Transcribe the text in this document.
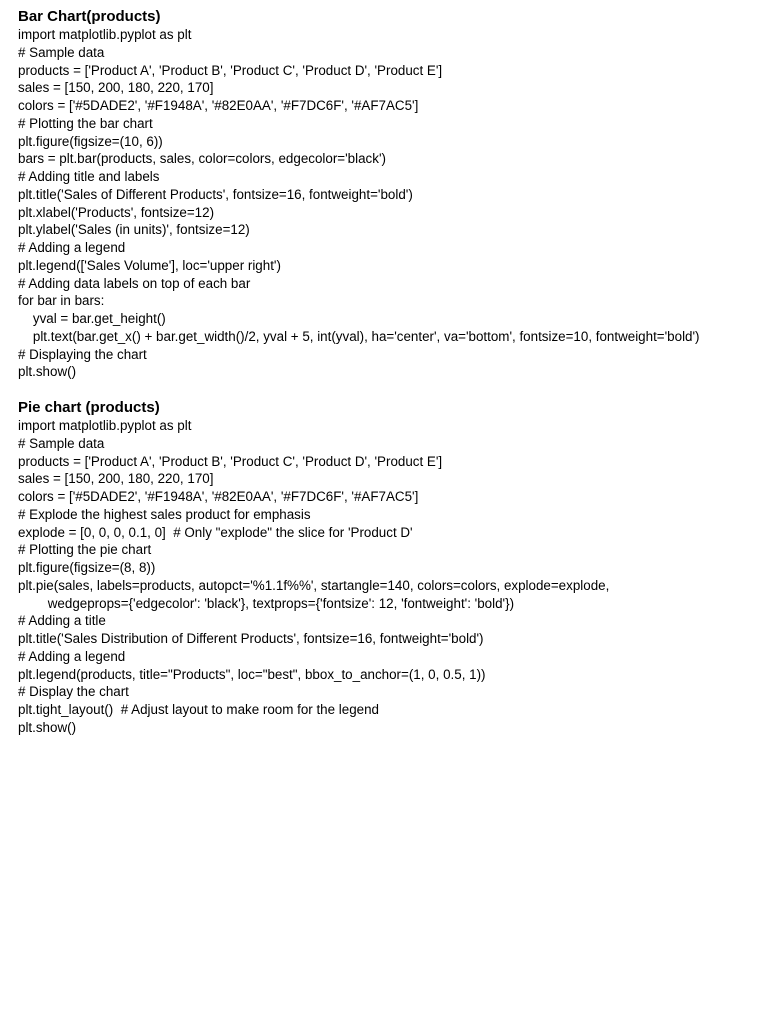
Bar Chart(products)
import matplotlib.pyplot as plt
# Sample data
products = ['Product A', 'Product B', 'Product C', 'Product D', 'Product E']
sales = [150, 200, 180, 220, 170]
colors = ['#5DADE2', '#F1948A', '#82E0AA', '#F7DC6F', '#AF7AC5']
# Plotting the bar chart
plt.figure(figsize=(10, 6))
bars = plt.bar(products, sales, color=colors, edgecolor='black')
# Adding title and labels
plt.title('Sales of Different Products', fontsize=16, fontweight='bold')
plt.xlabel('Products', fontsize=12)
plt.ylabel('Sales (in units)', fontsize=12)
# Adding a legend
plt.legend(['Sales Volume'], loc='upper right')
# Adding data labels on top of each bar
for bar in bars:
yval = bar.get_height()
plt.text(bar.get_x() + bar.get_width()/2, yval + 5, int(yval), ha='center', va='bottom', fontsize=10, fontweight='bold')
# Displaying the chart
plt.show()
Pie chart (products)
import matplotlib.pyplot as plt
# Sample data
products = ['Product A', 'Product B', 'Product C', 'Product D', 'Product E']
sales = [150, 200, 180, 220, 170]
colors = ['#5DADE2', '#F1948A', '#82E0AA', '#F7DC6F', '#AF7AC5']
# Explode the highest sales product for emphasis
explode = [0, 0, 0, 0.1, 0]  # Only "explode" the slice for 'Product D'
# Plotting the pie chart
plt.figure(figsize=(8, 8))
plt.pie(sales, labels=products, autopct='%1.1f%%', startangle=140, colors=colors, explode=explode,
wedgeprops={'edgecolor': 'black'}, textprops={'fontsize': 12, 'fontweight': 'bold'})
# Adding a title
plt.title('Sales Distribution of Different Products', fontsize=16, fontweight='bold')
# Adding a legend
plt.legend(products, title="Products", loc="best", bbox_to_anchor=(1, 0, 0.5, 1))
# Display the chart
plt.tight_layout()  # Adjust layout to make room for the legend
plt.show()
